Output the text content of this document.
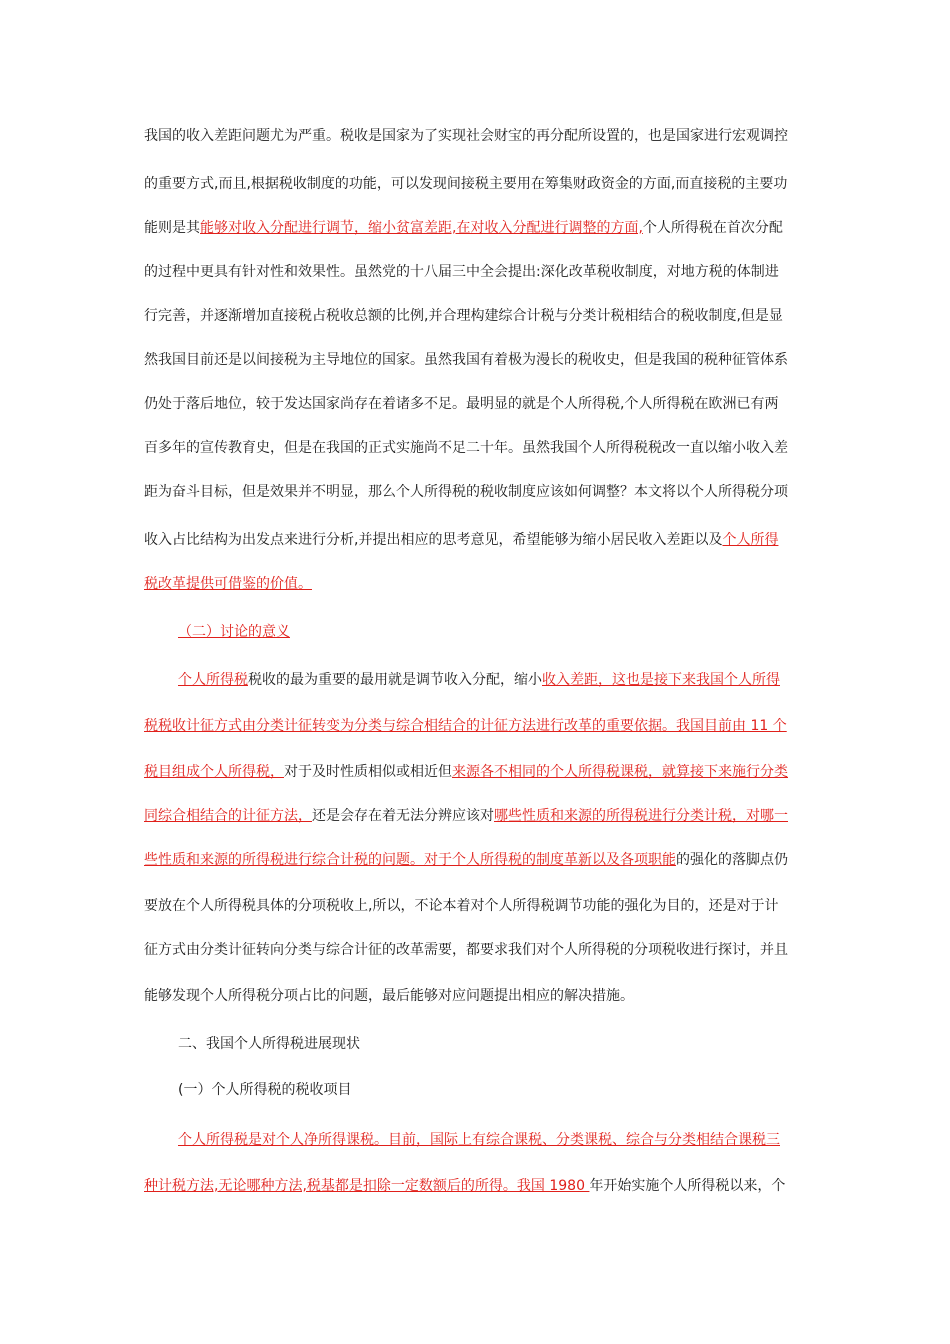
我国的收入差距问题尤为严重。税收是国家为了实现社会财宝的再分配所设置的，也是国家进行宏观调控
的重要方式,而且,根据税收制度的功能，可以发现间接税主要用在筹集财政资金的方面,而直接税的主要功
能则是其能够对收入分配进行调节，缩小贫富差距,在对收入分配进行调整的方面,个人所得税在首次分配
的过程中更具有针对性和效果性。虽然党的十八届三中全会提出:深化改革税收制度，对地方税的体制进
行完善，并逐渐增加直接税占税收总额的比例,并合理构建综合计税与分类计税相结合的税收制度,但是显
然我国目前还是以间接税为主导地位的国家。虽然我国有着极为漫长的税收史，但是我国的税种征管体系
仍处于落后地位，较于发达国家尚存在着诸多不足。最明显的就是个人所得税,个人所得税在欧洲已有两
百多年的宣传教育史，但是在我国的正式实施尚不足二十年。虽然我国个人所得税税改一直以缩小收入差
距为奋斗目标，但是效果并不明显，那么个人所得税的税收制度应该如何调整？本文将以个人所得税分项
收入占比结构为出发点来进行分析,并提出相应的思考意见，希望能够为缩小居民收入差距以及个人所得
税改革提供可借鉴的价值。
（二）讨论的意义
个人所得税税收的最为重要的最用就是调节收入分配，缩小收入差距，这也是接下来我国个人所得
税税收计征方式由分类计征转变为分类与综合相结合的计征方法进行改革的重要依据。我国目前由 11 个
税目组成个人所得税，对于及时性质相似或相近但来源各不相同的个人所得税课税，就算接下来施行分类
同综合相结合的计征方法，还是会存在着无法分辨应该对哪些性质和来源的所得税进行分类计税，对哪一
些性质和来源的所得税进行综合计税的问题。对于个人所得税的制度革新以及各项职能的强化的落脚点仍
要放在个人所得税具体的分项税收上,所以，不论本着对个人所得税调节功能的强化为目的，还是对于计
征方式由分类计征转向分类与综合计征的改革需要，都要求我们对个人所得税的分项税收进行探讨，并且
能够发现个人所得税分项占比的问题，最后能够对应问题提出相应的解决措施。
二、我国个人所得税进展现状
(一）个人所得税的税收项目
个人所得税是对个人净所得课税。目前，国际上有综合课税、分类课税、综合与分类相结合课税三
种计税方法,无论哪种方法,税基都是扣除一定数额后的所得。我国 1980 年开始实施个人所得税以来，个
